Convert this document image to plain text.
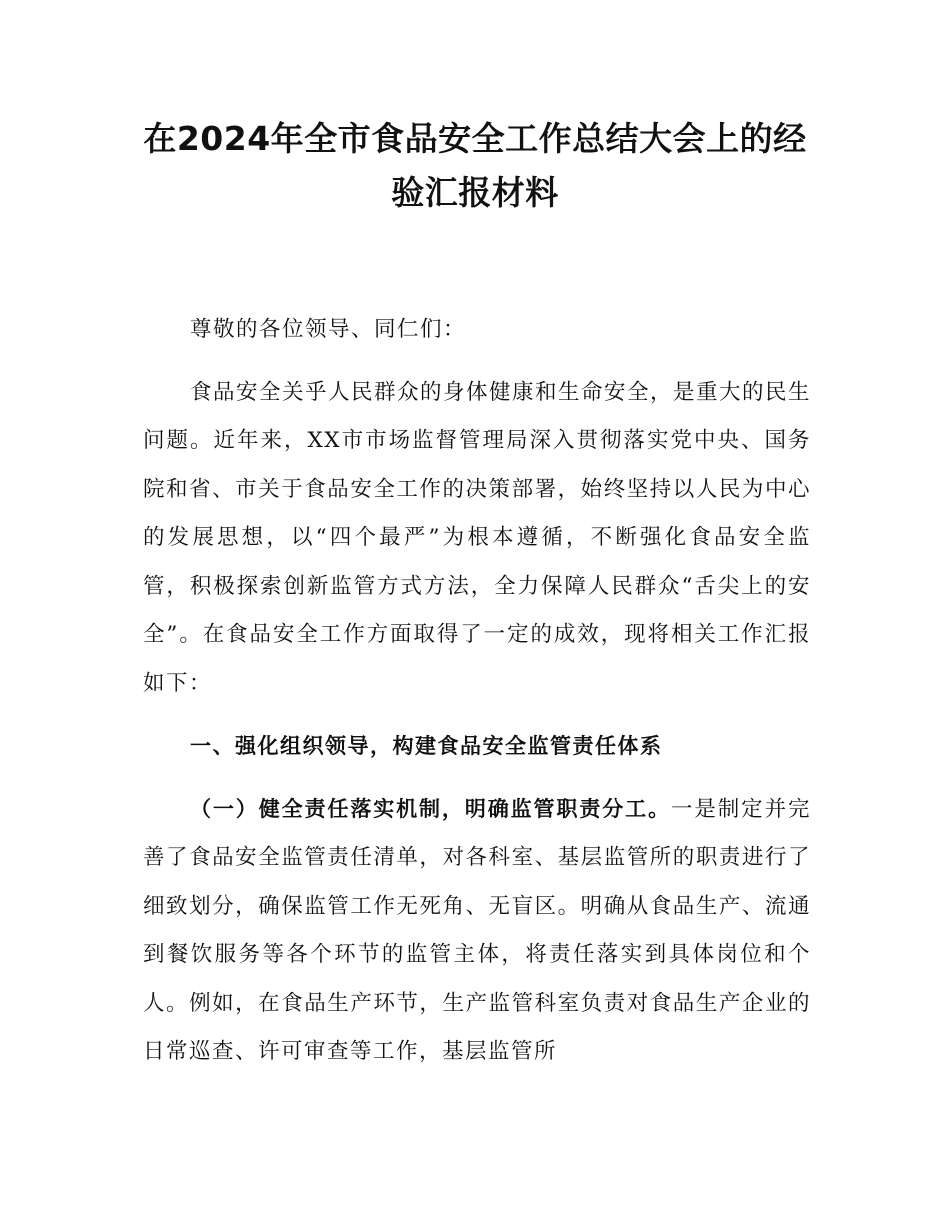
在2024年全市食品安全工作总结大会上的经
验汇报材料

尊敬的各位领导、同仁们：

食品安全关乎人民群众的身体健康和生命安全，是重大的民生问题。近年来，XX市市场监督管理局深入贯彻落实党中央、国务院和省、市关于食品安全工作的决策部署，始终坚持以人民为中心的发展思想，以“四个最严”为根本遵循，不断强化食品安全监管，积极探索创新监管方式方法，全力保障人民群众“舌尖上的安全”。在食品安全工作方面取得了一定的成效，现将相关工作汇报如下：

一、强化组织领导，构建食品安全监管责任体系

（一）健全责任落实机制，明确监管职责分工。一是制定并完善了食品安全监管责任清单，对各科室、基层监管所的职责进行了细致划分，确保监管工作无死角、无盲区。明确从食品生产、流通到餐饮服务等各个环节的监管主体，将责任落实到具体岗位和个人。例如，在食品生产环节，生产监管科室负责对食品生产企业的日常巡查、许可审查等工作，基层监管所
